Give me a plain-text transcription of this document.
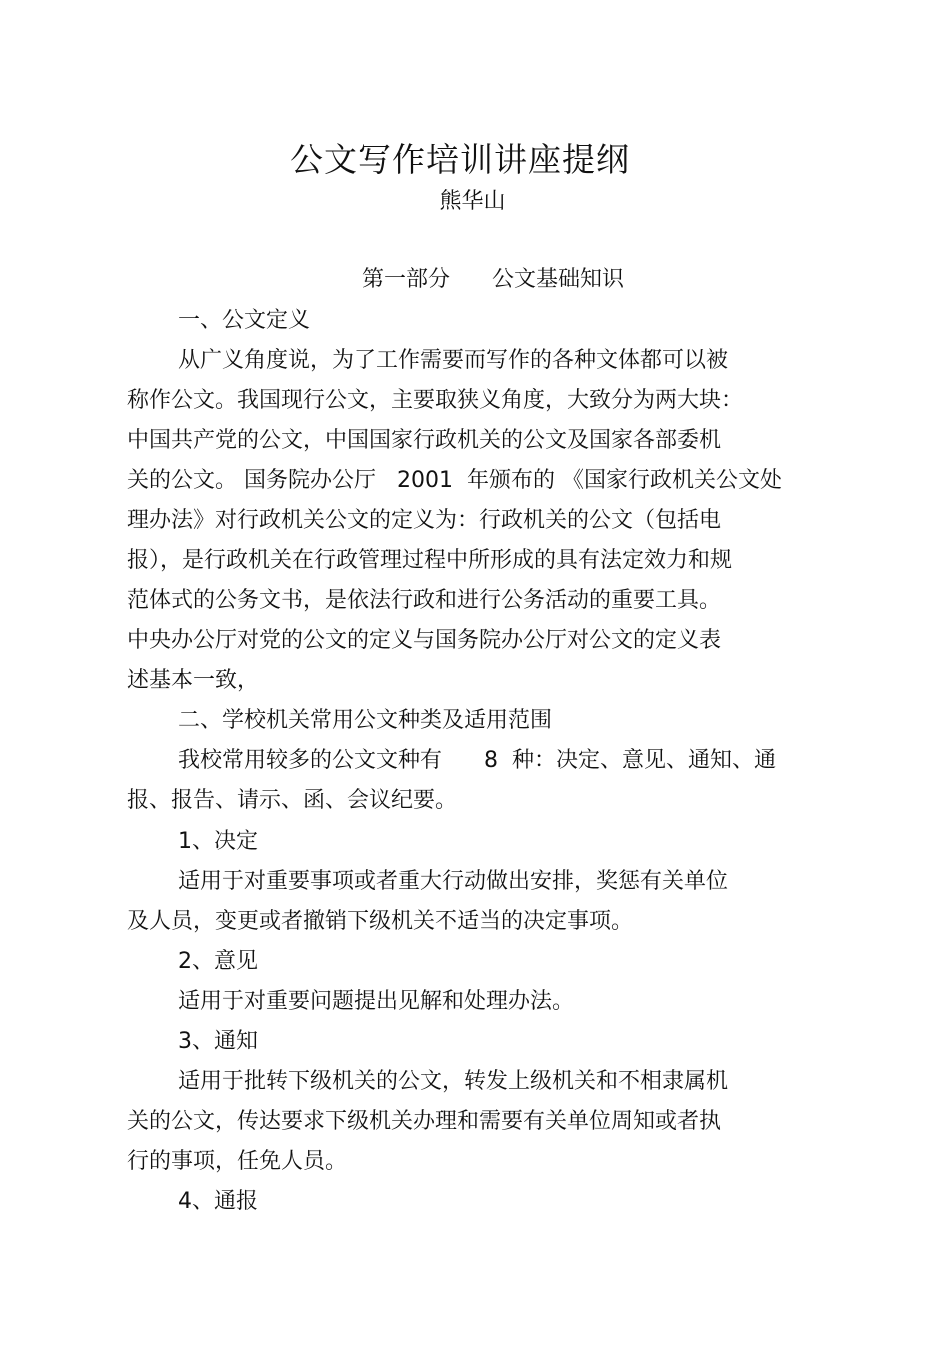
公文写作培训讲座提纲
熊华山
第一部分 公文基础知识
一、公文定义
从广义角度说，为了工作需要而写作的各种文体都可以被
称作公文。我国现行公文，主要取狭义角度，大致分为两大块：
中国共产党的公文，中国国家行政机关的公文及国家各部委机
关的公文。 国务院办公厅   2001  年颁布的 《国家行政机关公文处
理办法》对行政机关公文的定义为：行政机关的公文（包括电
报），是行政机关在行政管理过程中所形成的具有法定效力和规
范体式的公务文书，是依法行政和进行公务活动的重要工具。
中央办公厅对党的公文的定义与国务院办公厅对公文的定义表
述基本一致，
二、学校机关常用公文种类及适用范围
我校常用较多的公文文种有      8  种：决定、意见、通知、通
报、报告、请示、函、会议纪要。
1、决定
适用于对重要事项或者重大行动做出安排，奖惩有关单位
及人员，变更或者撤销下级机关不适当的决定事项。
2、意见
适用于对重要问题提出见解和处理办法。
3、通知
适用于批转下级机关的公文，转发上级机关和不相隶属机
关的公文，传达要求下级机关办理和需要有关单位周知或者执
行的事项，任免人员。
4、通报
